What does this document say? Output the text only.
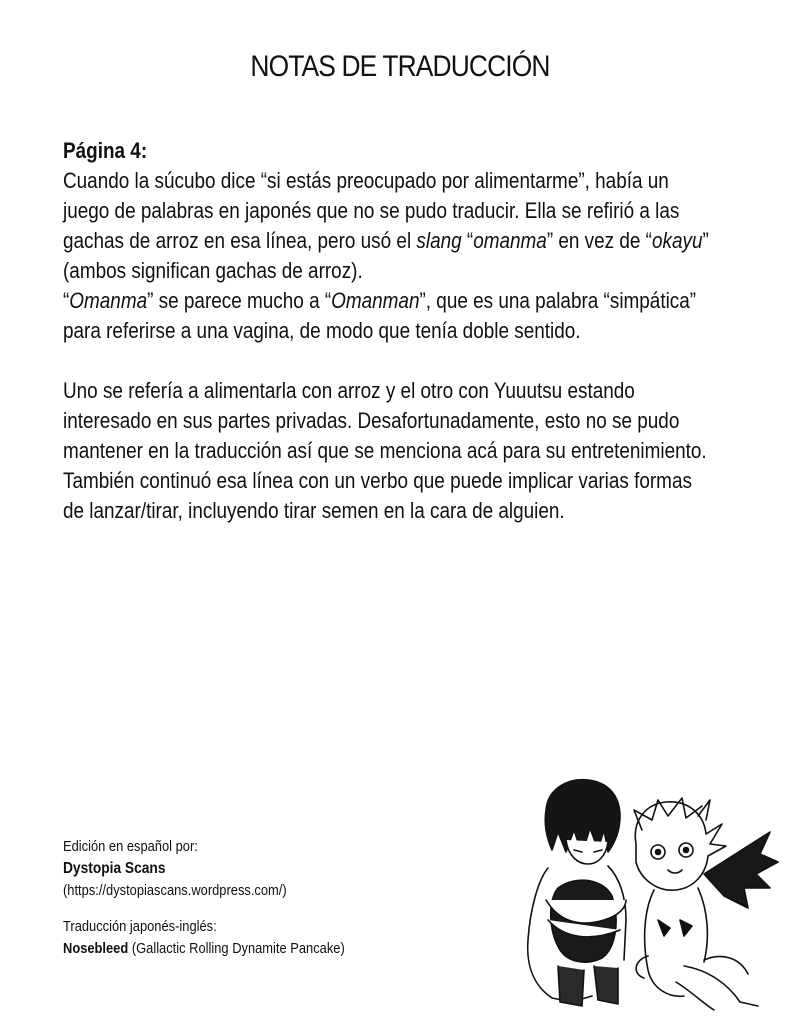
NOTAS DE TRADUCCIÓN

Página 4:

Cuando la súcubo dice “si estás preocupado por alimentarme”, había un juego de palabras en japonés que no se pudo traducir. Ella se refirió a las gachas de arroz en esa línea, pero usó el slang “omanma” en vez de “okayu” (ambos significan gachas de arroz).

“Omanma” se parece mucho a “Omanman”, que es una palabra “simpática” para referirse a una vagina, de modo que tenía doble sentido.

Uno se refería a alimentarla con arroz y el otro con Yuuutsu estando interesado en sus partes privadas. Desafortunadamente, esto no se pudo mantener en la traducción así que se menciona acá para su entretenimiento. También continuó esa línea con un verbo que puede implicar varias formas de lanzar/tirar, incluyendo tirar semen en la cara de alguien.

Edición en español por:

Dystopia Scans

(https://dystopiascans.wordpress.com/)

Traducción japonés-inglés:

Nosebleed (Gallactic Rolling Dynamite Pancake)
